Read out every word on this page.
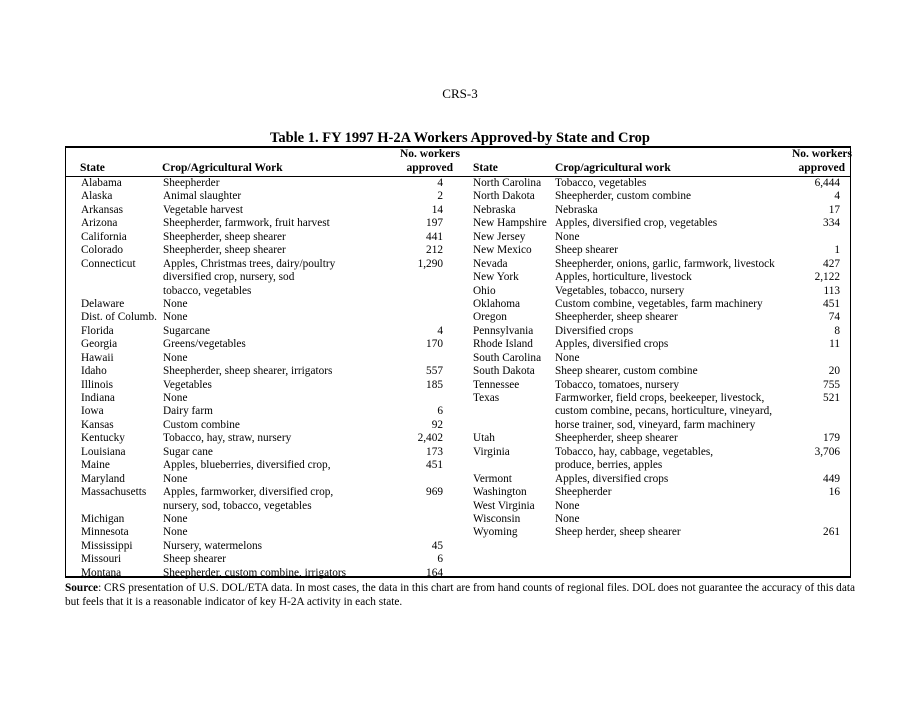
CRS-3
Table 1. FY 1997 H-2A Workers Approved-by State and Crop
State	Crop/Agricultural Work
No. workers
approved State	Crop/agricultural work
No. workers
approved
Alabama
Alaska
Arkansas
Arizona
California
Colorado
Connecticut
Delaware
Dist. of Columb.
Florida
Georgia
Hawaii
Idaho
Illinois
Indiana
Iowa
Kansas
Kentucky
Louisiana
Maine
Maryland
Massachusetts
Michigan
Minnesota
Mississippi
Missouri
Montana
Sheepherder
Animal slaughter
Vegetable harvest
Sheepherder, farmwork, fruit harvest
Sheepherder, sheep shearer
Sheepherder, sheep shearer
Apples, Christmas trees, dairy/poultry
diversified crop, nursery, sod
tobacco, vegetables
None
None
Sugarcane
Greens/vegetables
None
Sheepherder, sheep shearer, irrigators
Vegetables
None
Dairy farm
Custom combine
Tobacco, hay, straw, nursery
Sugar cane
Apples, blueberries, diversified crop,
None
Apples, farmworker, diversified crop,
nursery, sod, tobacco, vegetables
None
None
Nursery, watermelons
Sheep shearer
Sheepherder, custom combine, irrigators
4
2
14
197
441
212
1,290
4
170
557
185
6
92
2,402
173
451
969
45
6
164
North Carolina
North Dakota
Nebraska
New Hampshire
New Jersey
New Mexico
Nevada
New York
Ohio
Oklahoma
Oregon
Pennsylvania
Rhode Island
South Carolina
South Dakota
Tennessee
Texas
Utah
Virginia
Vermont
Washington
West Virginia
Wisconsin
Wyoming
Tobacco, vegetables
Sheepherder, custom combine
Nebraska
Apples, diversified crop, vegetables
None
Sheep shearer
Sheepherder, onions, garlic, farmwork, livestock
Apples, horticulture, livestock
Vegetables, tobacco, nursery
Custom combine, vegetables, farm machinery
Sheepherder, sheep shearer
Diversified crops
Apples, diversified crops
None
Sheep shearer, custom combine
Tobacco, tomatoes, nursery
Farmworker, field crops, beekeeper, livestock,
custom combine, pecans, horticulture, vineyard,
horse trainer, sod, vineyard, farm machinery
Sheepherder, sheep shearer
Tobacco, hay, cabbage, vegetables,
produce, berries, apples
Apples, diversified crops
Sheepherder
None
None
Sheep herder, sheep shearer
6,444
4
17
334
1
427
2,122
113
451
74
8
11
20
755
521
179
3,706
449
16
261
Source: CRS presentation of U.S. DOL/ETA data. In most cases, the data in this chart are from hand counts of regional files. DOL does not guarantee the accuracy of this data but feels that it is a reasonable indicator of key H-2A activity in each state.
